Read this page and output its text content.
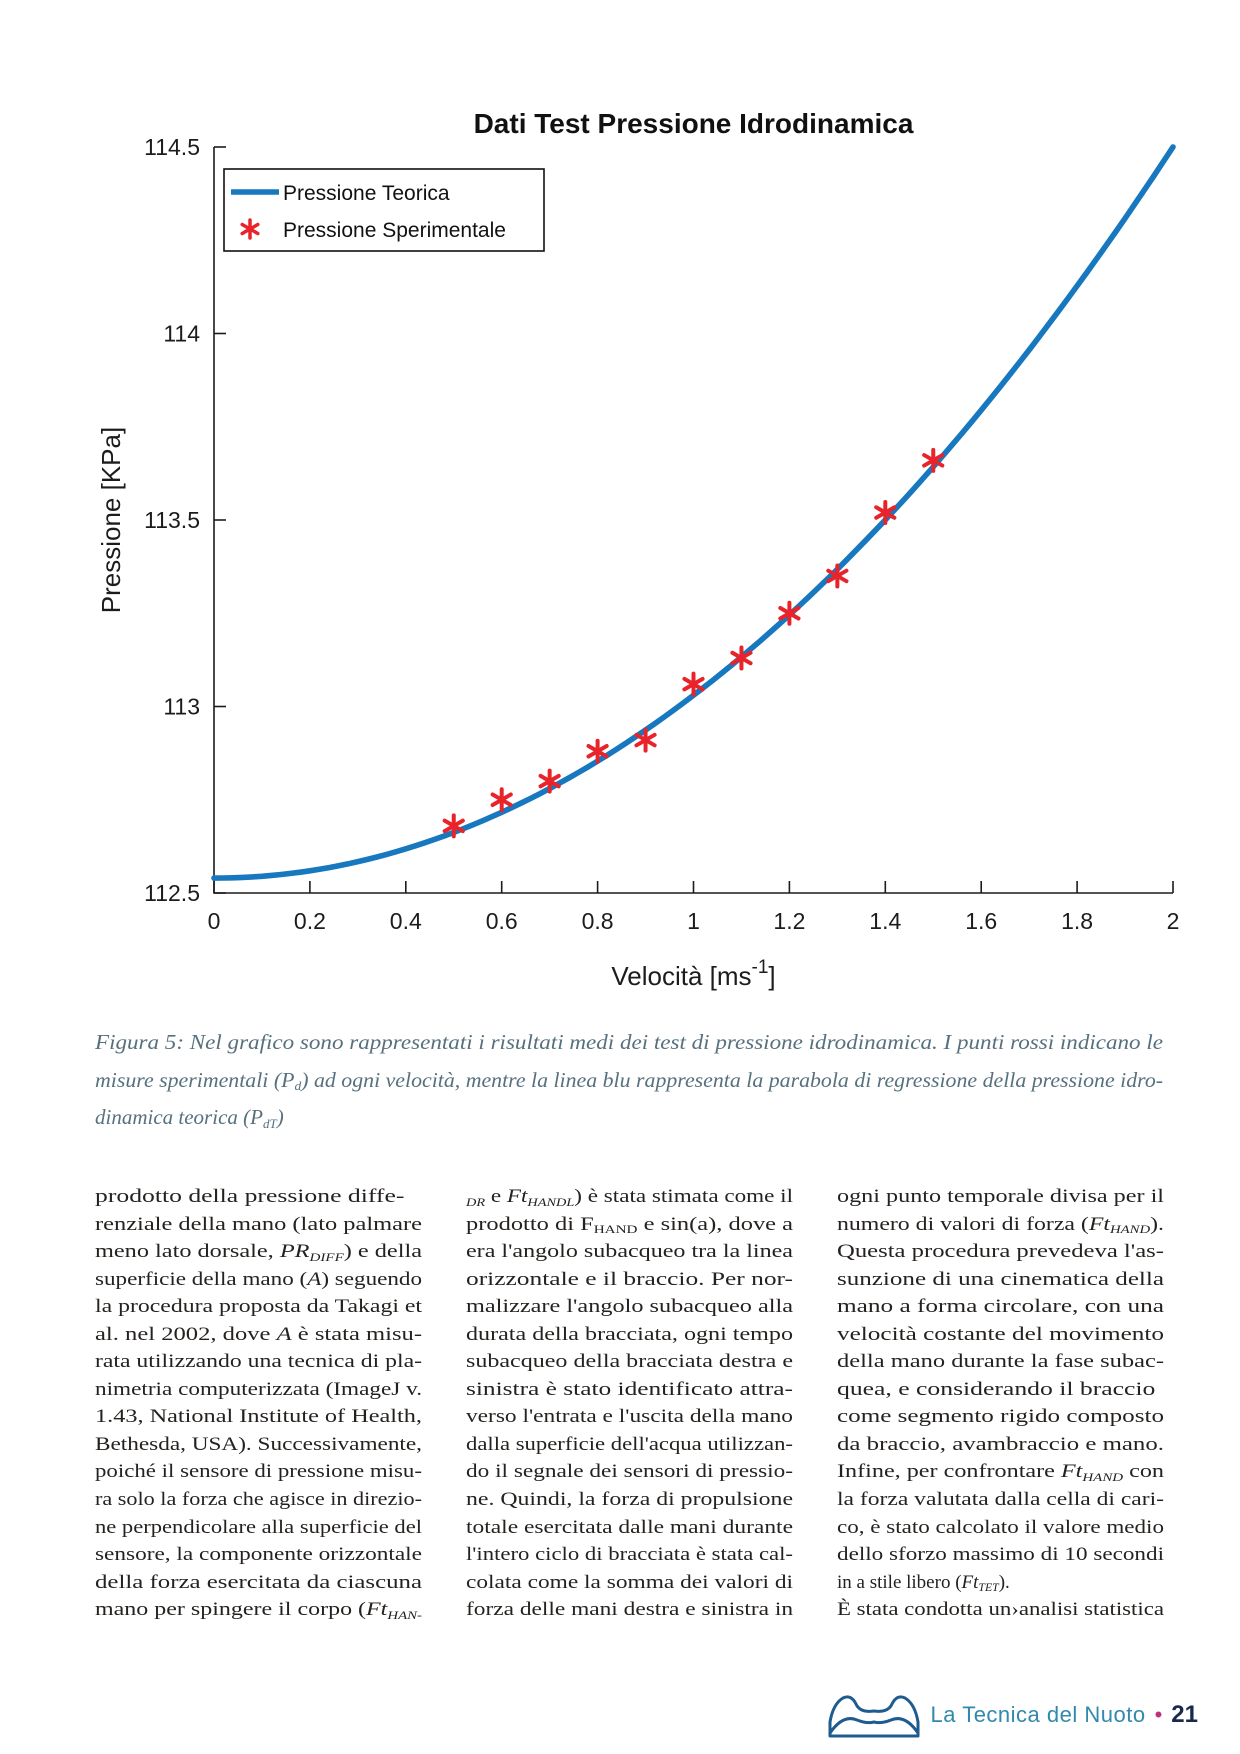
112.5
113
113.5
114
114.5
0	0.2	0.4	0.6	0.8	1	1.2	1.4	1.6	1.8	2
Dati Test Pressione Idrodinamica
Pressione [KPa]
Velocità $[ms^{-1}]$
Pressione Teorica
Pressione Sperimentale
Figura 5: Nel grafico sono rappresentati i risultati medi dei test di pressione idrodinamica. I punti rossi indicano le
misure sperimentali (Pd) ad ogni velocità, mentre la linea blu rappresenta la parabola di regressione della pressione idro-
dinamica teorica (PdT)
prodotto della pressione diffe-
renziale della mano (lato palmare
meno lato dorsale, PRDIFF) e della
superficie della mano (A) seguendo
la procedura proposta da Takagi et
al. nel 2002, dove A è stata misu-
rata utilizzando una tecnica di pla-
nimetria computerizzata (ImageJ v.
1.43, National Institute of Health,
Bethesda, USA). Successivamente,
poiché il sensore di pressione misu-
ra solo la forza che agisce in direzio-
ne perpendicolare alla superficie del
sensore, la componente orizzontale
della forza esercitata da ciascuna
mano per spingere il corpo (FtHAN-
DR e FtHANDL) è stata stimata come il
prodotto di FHAND e sin(a), dove a
era l'angolo subacqueo tra la linea
orizzontale e il braccio. Per nor-
malizzare l'angolo subacqueo alla
durata della bracciata, ogni tempo
subacqueo della bracciata destra e
sinistra è stato identificato attra-
verso l'entrata e l'uscita della mano
dalla superficie dell'acqua utilizzan-
do il segnale dei sensori di pressio-
ne. Quindi, la forza di propulsione
totale esercitata dalle mani durante
l'intero ciclo di bracciata è stata cal-
colata come la somma dei valori di
forza delle mani destra e sinistra in
ogni punto temporale divisa per il
numero di valori di forza (FtHAND).
Questa procedura prevedeva l'as-
sunzione di una cinematica della
mano a forma circolare, con una
velocità costante del movimento
della mano durante la fase subac-
quea, e considerando il braccio
come segmento rigido composto
da braccio, avambraccio e mano.
Infine, per confrontare FtHAND con
la forza valutata dalla cella di cari-
co, è stato calcolato il valore medio
dello sforzo massimo di 10 secondi
in a stile libero (FtTET).
È stata condotta un›analisi statistica
La Tecnica del Nuoto • 21
